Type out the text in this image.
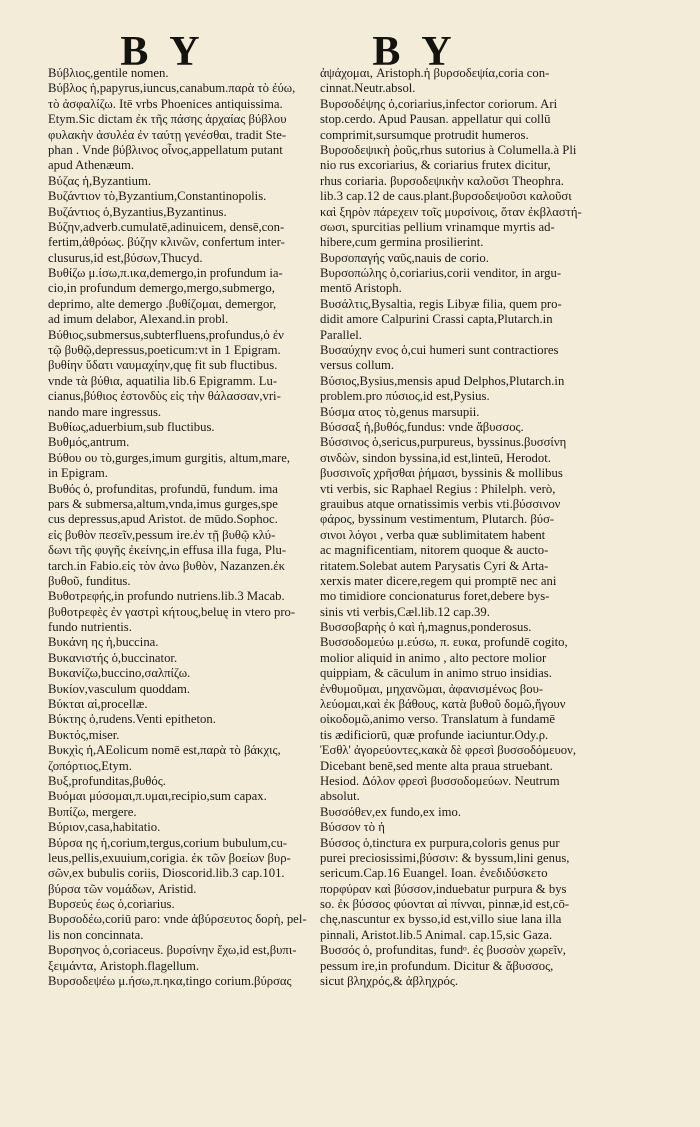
B Y	B Y
Βύβλιος,gentile nomen.
Βύβλος ἡ,papyrus,iuncus,canabum.παρὰ τὸ ἐύω,
τὸ ἀσφαλίζω. Itē vrbs Phoenices antiquissima.
Etym.Sic dictam ἐκ τῆς πάσης ἀρχαίας βύβλου
φυλακὴν ἀσυλέα ἐν ταύτῃ γενέσθαι, tradit Ste-
phan . Vnde βύβλινος οἶνος,appellatum putant
apud Athenæum.
Βύζας ἡ,Byzantium.
Βυζάντιον τὸ,Byzantium,Constantinopolis.
Βυζάντιος ὁ,Byzantius,Byzantinus.
Βύζην,adverb.cumulatē,adinuicem, densē,con-
fertim,ἀθρόως. βύζην κλινῶν, confertum inter-
clusurus,id est,βύσων,Thucyd.
Βυθίζω μ.ίσω,π.ικα,demergo,in profundum ia-
cio,in profundum demergo,mergo,submergo,
deprimo, alte demergo .βυθίζομαι, demergor,
ad imum delabor, Alexand.in probl.
Βύθιος,submersus,subterfluens,profundus,ὁ ἐν
τῷ βυθῷ,depressus,poeticum:vt in 1 Epigram.
βυθίην ὕδατι ναυμαχίην,quę fit sub fluctibus.
vnde τὰ βύθια, aquatilia lib.6 Epigramm. Lu-
cianus,βύθιος ἐστονδὺς εἰς τὴν θάλασσαν,vri-
nando mare ingressus.
Βυθίως,aduerbium,sub fluctibus.
Βυθμός,antrum.
Βύθου ου τὸ,gurges,imum gurgitis, altum,mare,
in Epigram.
Βυθός ὁ, profunditas, profundū, fundum. ima
pars & submersa,altum,vnda,imus gurges,spe
cus depressus,apud Aristot. de mūdo.Sophoc.
εἰς βυθὸν πεσεῖν,pessum ire.ἐν τῇ βυθῷ κλύ-
δωνι τῆς φυγῆς ἐκείνης,in effusa illa fuga, Plu-
tarch.in Fabio.εἰς τὸν ἀνω βυθὸν, Nazanzen.ἐκ
βυθοῦ, funditus.
Βυθοτρεφής,in profundo nutriens.lib.3 Macab.
βυθοτρεφὲς ἐν γαστρὶ κήτους,beluę in vtero pro-
fundo nutrientis.
Βυκάνη ης ἡ,buccina.
Βυκανιστής ὁ,buccinator.
Βυκανίζω,buccino,σαλπίζω.
Βυκίον,vasculum quoddam.
Βύκται αἱ,procellæ.
Βύκτης ὁ,rudens.Venti epitheton.
Βυκτός,miser.
Βυκχὶς ἡ,AEolicum nomē est,παρὰ τὸ βάκχις,
ζοπόρτιος,Etym.
Βυξ,profunditas,βυθός.
Βυόμαι μύσομαι,π.υμαι,recipio,sum capax.
Βυπίζω, mergere.
Βύριον,casa,habitatio.
Βύρσα ης ἡ,corium,tergus,corium bubulum,cu-
leus,pellis,exuuium,corigia. ἐκ τῶν βοείων βυρ-
σῶν,ex bubulis coriis, Dioscorid.lib.3 cap.101.
βύρσα τῶν νομάδων, Aristid.
Βυρσεύς έως ὁ,coriarius.
Βυρσοδέω,coriū paro: vnde ἀβύρσευτος δορὴ, pel-
lis non concinnata.
Βυρσηνος ὁ,coriaceus. βυρσίνην ἔχω,id est,βυπι-
ξειμάντα, Aristoph.flagellum.
Βυρσοδεψέω μ.ήσω,π.ηκα,tingo corium.βύρσας
ἀψάχομαι, Aristoph.ἡ βυρσοδεψία,coria con-
cinnat.Neutr.absol.
Βυρσοδέψης ὁ,coriarius,infector coriorum. Ari
stop.cerdo. Apud Pausan. appellatur qui collū
comprimit,sursumque protrudit humeros.
Βυρσοδεψικὴ ῥοῦς,rhus sutorius à Columella.à Pli
nio rus excoriarius, & coriarius frutex dicitur,
rhus coriaria. βυρσοδεψικὴν καλοῦσι Theophra.
lib.3 cap.12 de caus.plant.βυρσοδεψοῦσι καλοῦσι
καὶ ξηρὸν πάρεχειν τοῖς μυρσίνοις, ὅταν ἐκβλαστή-
σωσι, spurcitias pellium vrinamque myrtis ad-
hibere,cum germina prosilierint.
Βυρσοπαγής ναῦς,nauis de corio.
Βυρσοπώλης ὁ,coriarius,corii venditor, in argu-
mentō Aristoph.
Βυσάλτις,Bysaltia, regis Libyæ filia, quem pro-
didit amore Calpurini Crassi capta,Plutarch.in
Parallel.
Βυσαύχην ενος ὁ,cui humeri sunt contractiores
versus collum.
Βύσιος,Bysius,mensis apud Delphos,Plutarch.in
problem.pro πύσιος,id est,Pysius.
Βύσμα ατος τὸ,genus marsupii.
Βύσσαξ ἡ,βυθός,fundus: vnde ἄβυσσος.
Βύσσινος ὁ,sericus,purpureus, byssinus.βυσσίνη
σινδὼν, sindon byssina,id est,linteū, Herodot.
βυσσινοῖς χρῆσθαι ῥήμασι, byssinis & mollibus
vti verbis, sic Raphael Regius : Philelph. verò,
grauibus atque ornatissimis verbis vti.βύσσινον
φάρος, byssinum vestimentum, Plutarch. βύσ-
σινοι λόγοι , verba quæ sublimitatem habent
ac magnificentiam, nitorem quoque & aucto-
ritatem.Solebat autem Parysatis Cyri & Arta-
xerxis mater dicere,regem qui promptē nec ani
mo timidiore concionaturus foret,debere bys-
sinis vti verbis,Cæl.lib.12 cap.39.
Βυσσοβαρὴς ὁ καὶ ἡ,magnus,ponderosus.
Βυσσοδομεύω μ.εύσω, π. ευκα, profundē cogito,
molior aliquid in animo , alto pectore molior
quippiam, & cāculum in animo struo insidias.
ἐνθυμοῦμαι, μηχανῶμαι, ἀφανισμένως βου-
λεύομαι,καὶ ἐκ βάθους, κατὰ βυθοῦ δομῶ,ἤγουν
οἰκοδομῶ,animo verso. Translatum à fundamē
tis ædificiorū, quæ profunde iaciuntur.Ody.ρ.
Ἐσθλ' ἀγορεύοντες,κακὰ δὲ φρεσὶ βυσσοδόμευον,
Dicebant benē,sed mente alta praua struebant.
Hesiod. Δόλον φρεσὶ βυσσοδομεύων. Neutrum
absolut.
Βυσσόθεν,ex fundo,ex imo.
Βύσσον τὸ ἡ
Βύσσος ὁ,tinctura ex purpura,coloris genus pur
purei preciosissimi,βύσσιν: & byssum,lini genus,
sericum.Cap.16 Euangel. Ioan. ἐνεδιδύσκετο
πορφύραν καὶ βύσσον,induebatur purpura & bys
so. ἐκ βύσσος φύονται αἱ πίνναι, pinnæ,id est,cō-
chę,nascuntur ex bysso,id est,villo siue lana illa
pinnali, Aristot.lib.5 Animal. cap.15,sic Gaza.
Βυσσός ὁ, profunditas, fundᵒ. ἐς βυσσὸν χωρεῖν,
pessum ire,in profundum. Dicitur & ἄβυσσος,
sicut βληχρός,& ἀβληχρός.
